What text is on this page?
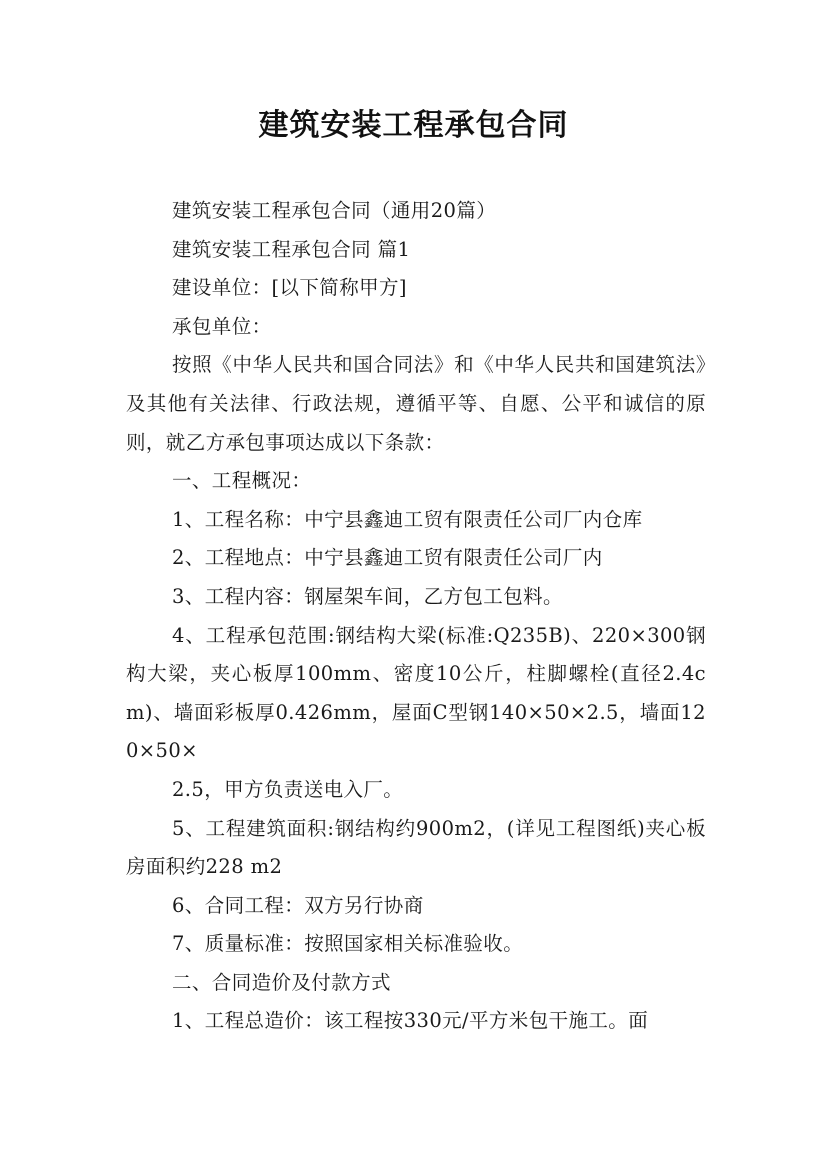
建筑安装工程承包合同

建筑安装工程承包合同（通用20篇）

建筑安装工程承包合同 篇1

建设单位：[以下简称甲方]

承包单位：

按照《中华人民共和国合同法》和《中华人民共和国建筑法》及其他有关法律、行政法规，遵循平等、自愿、公平和诚信的原则，就乙方承包事项达成以下条款：

一、工程概况：

1、工程名称：中宁县鑫迪工贸有限责任公司厂内仓库

2、工程地点：中宁县鑫迪工贸有限责任公司厂内

3、工程内容：钢屋架车间，乙方包工包料。

4、工程承包范围:钢结构大梁(标准:Q235B)、220×300钢构大梁，夹心板厚100mm、密度10公斤，柱脚螺栓(直径2.4cm)、墙面彩板厚0.426mm，屋面C型钢140×50×2.5，墙面120×50×

2.5，甲方负责送电入厂。

5、工程建筑面积:钢结构约900m2，(详见工程图纸)夹心板房面积约228 m2

6、合同工程：双方另行协商

7、质量标准：按照国家相关标准验收。

二、合同造价及付款方式

1、工程总造价：该工程按330元/平方米包干施工。面
